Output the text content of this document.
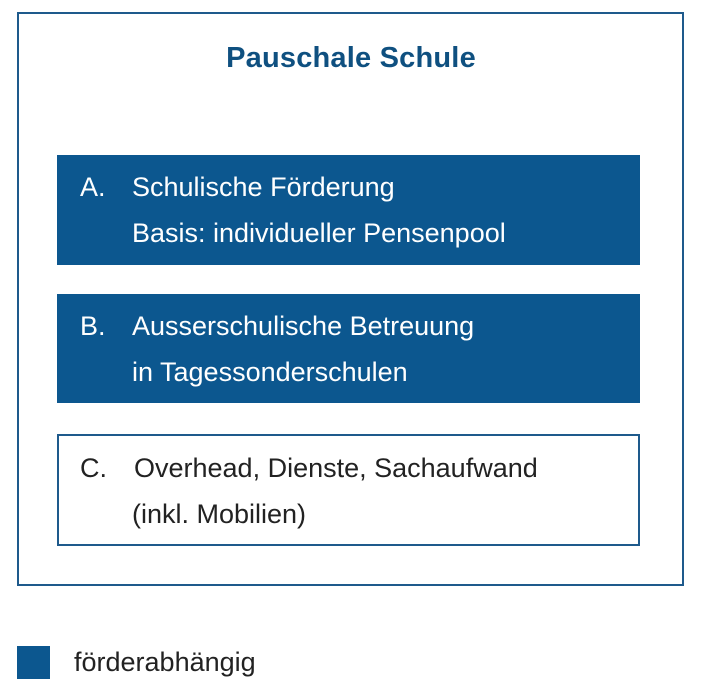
Pauschale Schule
A. Schulische Förderung
Basis: individueller Pensenpool
B. Ausserschulische Betreuung
in Tagessonderschulen
C.	Overhead, Dienste, Sachaufwand
(inkl. Mobilien)
förderabhängig
